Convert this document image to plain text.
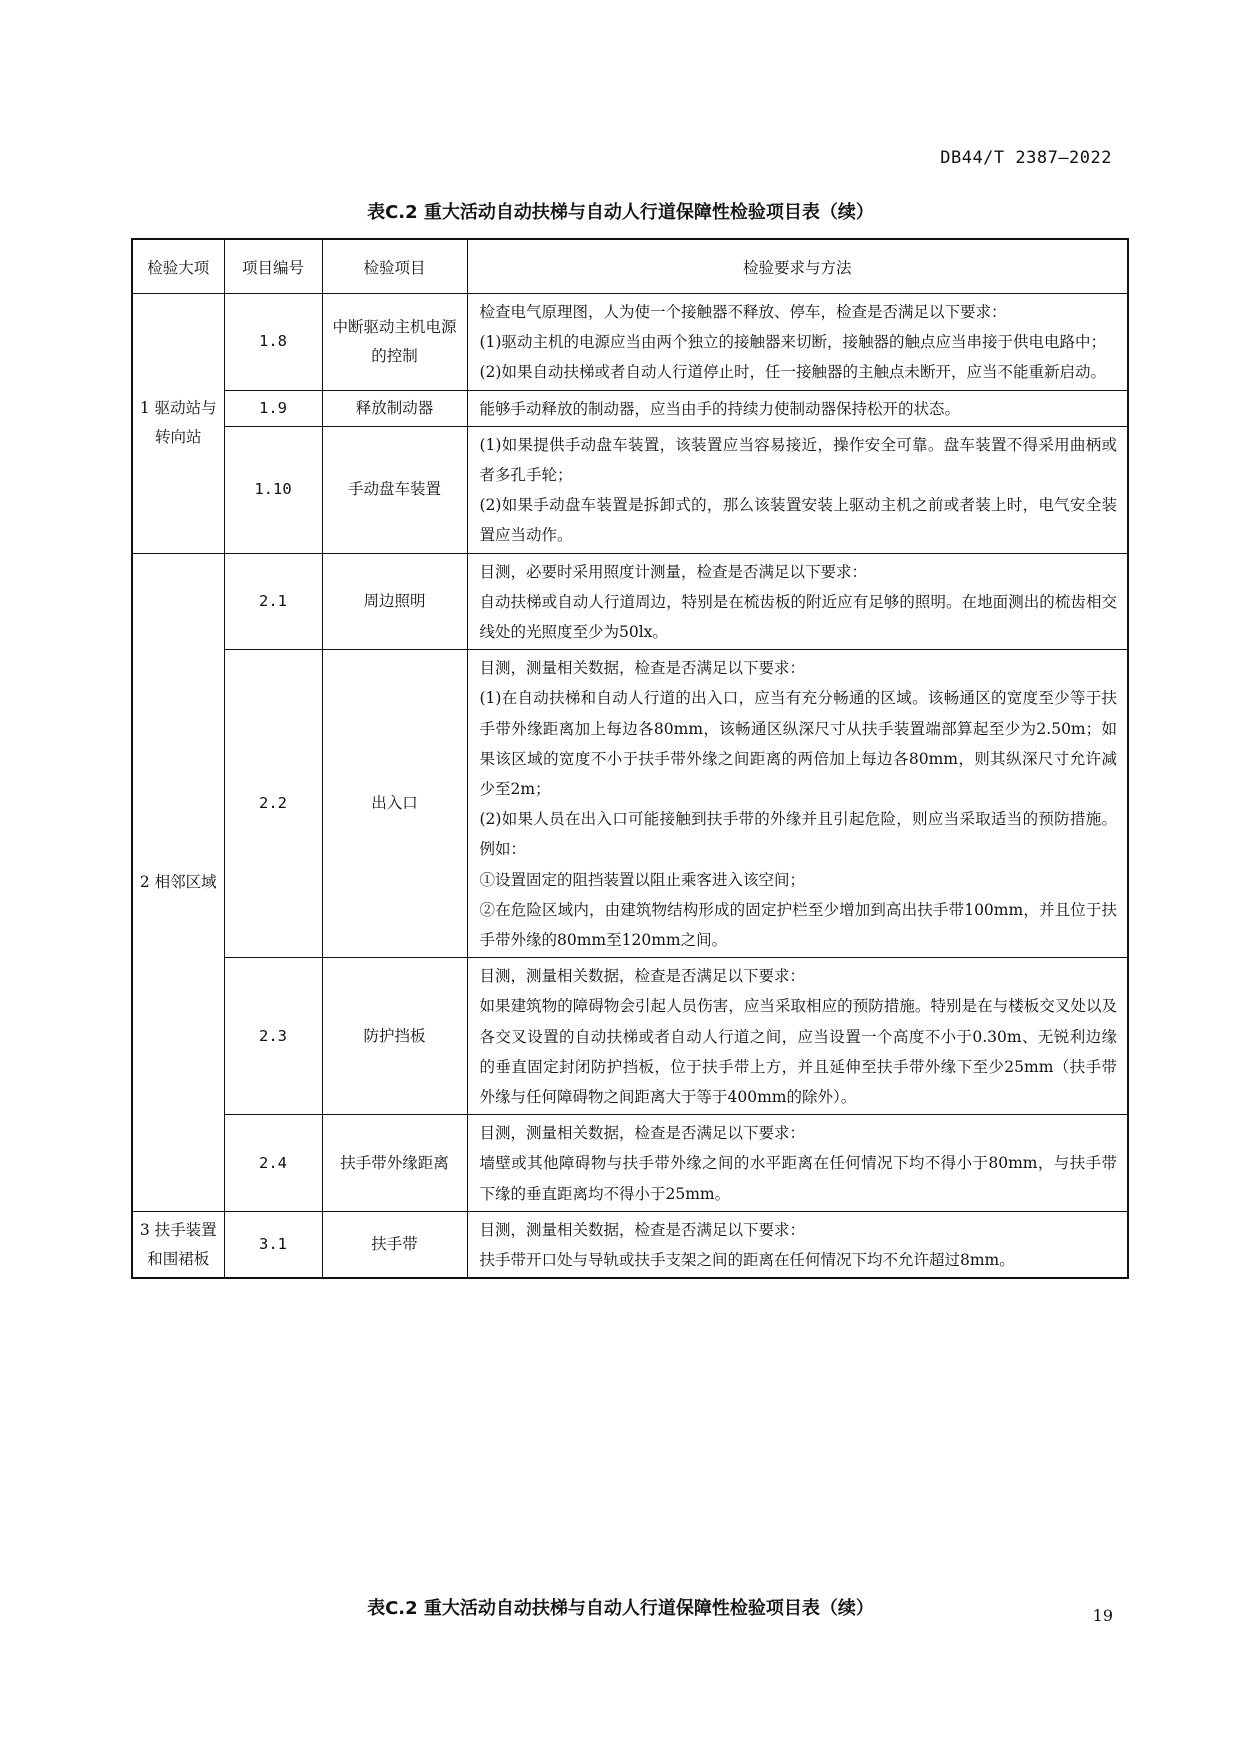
DB44/T 2387—2022
表C.2 重大活动自动扶梯与自动人行道保障性检验项目表（续）
检验大项	项目编号	检验项目	检验要求与方法
1 驱动站与转向站	1.8	中断驱动主机电源的控制	检查电气原理图，人为使一个接触器不释放、停车，检查是否满足以下要求：
(1)驱动主机的电源应当由两个独立的接触器来切断，接触器的触点应当串接于供电电路中；
(2)如果自动扶梯或者自动人行道停止时，任一接触器的主触点未断开，应当不能重新启动。

	1.9	释放制动器	能够手动释放的制动器，应当由手的持续力使制动器保持松开的状态。

	1.10	手动盘车装置	(1)如果提供手动盘车装置，该装置应当容易接近，操作安全可靠。盘车装置不得采用曲柄或者多孔手轮；
(2)如果手动盘车装置是拆卸式的，那么该装置安装上驱动主机之前或者装上时，电气安全装置应当动作。

2 相邻区域	2.1	周边照明	目测，必要时采用照度计测量，检查是否满足以下要求：
自动扶梯或自动人行道周边，特别是在梳齿板的附近应有足够的照明。在地面测出的梳齿相交线处的光照度至少为50lx。

	2.2	出入口	目测，测量相关数据，检查是否满足以下要求：
(1)在自动扶梯和自动人行道的出入口，应当有充分畅通的区域。该畅通区的宽度至少等于扶手带外缘距离加上每边各80mm，该畅通区纵深尺寸从扶手装置端部算起至少为2.50m；如果该区域的宽度不小于扶手带外缘之间距离的两倍加上每边各80mm，则其纵深尺寸允许减少至2m；
(2)如果人员在出入口可能接触到扶手带的外缘并且引起危险，则应当采取适当的预防措施。例如：
①设置固定的阻挡装置以阻止乘客进入该空间；
②在危险区域内，由建筑物结构形成的固定护栏至少增加到高出扶手带100mm，并且位于扶手带外缘的80mm至120mm之间。

	2.3	防护挡板	目测，测量相关数据，检查是否满足以下要求：
如果建筑物的障碍物会引起人员伤害，应当采取相应的预防措施。特别是在与楼板交叉处以及各交叉设置的自动扶梯或者自动人行道之间，应当设置一个高度不小于0.30m、无锐利边缘的垂直固定封闭防护挡板，位于扶手带上方，并且延伸至扶手带外缘下至少25mm（扶手带外缘与任何障碍物之间距离大于等于400mm的除外）。

	2.4	扶手带外缘距离	目测，测量相关数据，检查是否满足以下要求：
墙壁或其他障碍物与扶手带外缘之间的水平距离在任何情况下均不得小于80mm，与扶手带下缘的垂直距离均不得小于25mm。

3 扶手装置和围裙板	3.1	扶手带	目测，测量相关数据，检查是否满足以下要求：
扶手带开口处与导轨或扶手支架之间的距离在任何情况下均不允许超过8mm。
表C.2 重大活动自动扶梯与自动人行道保障性检验项目表（续）	19
